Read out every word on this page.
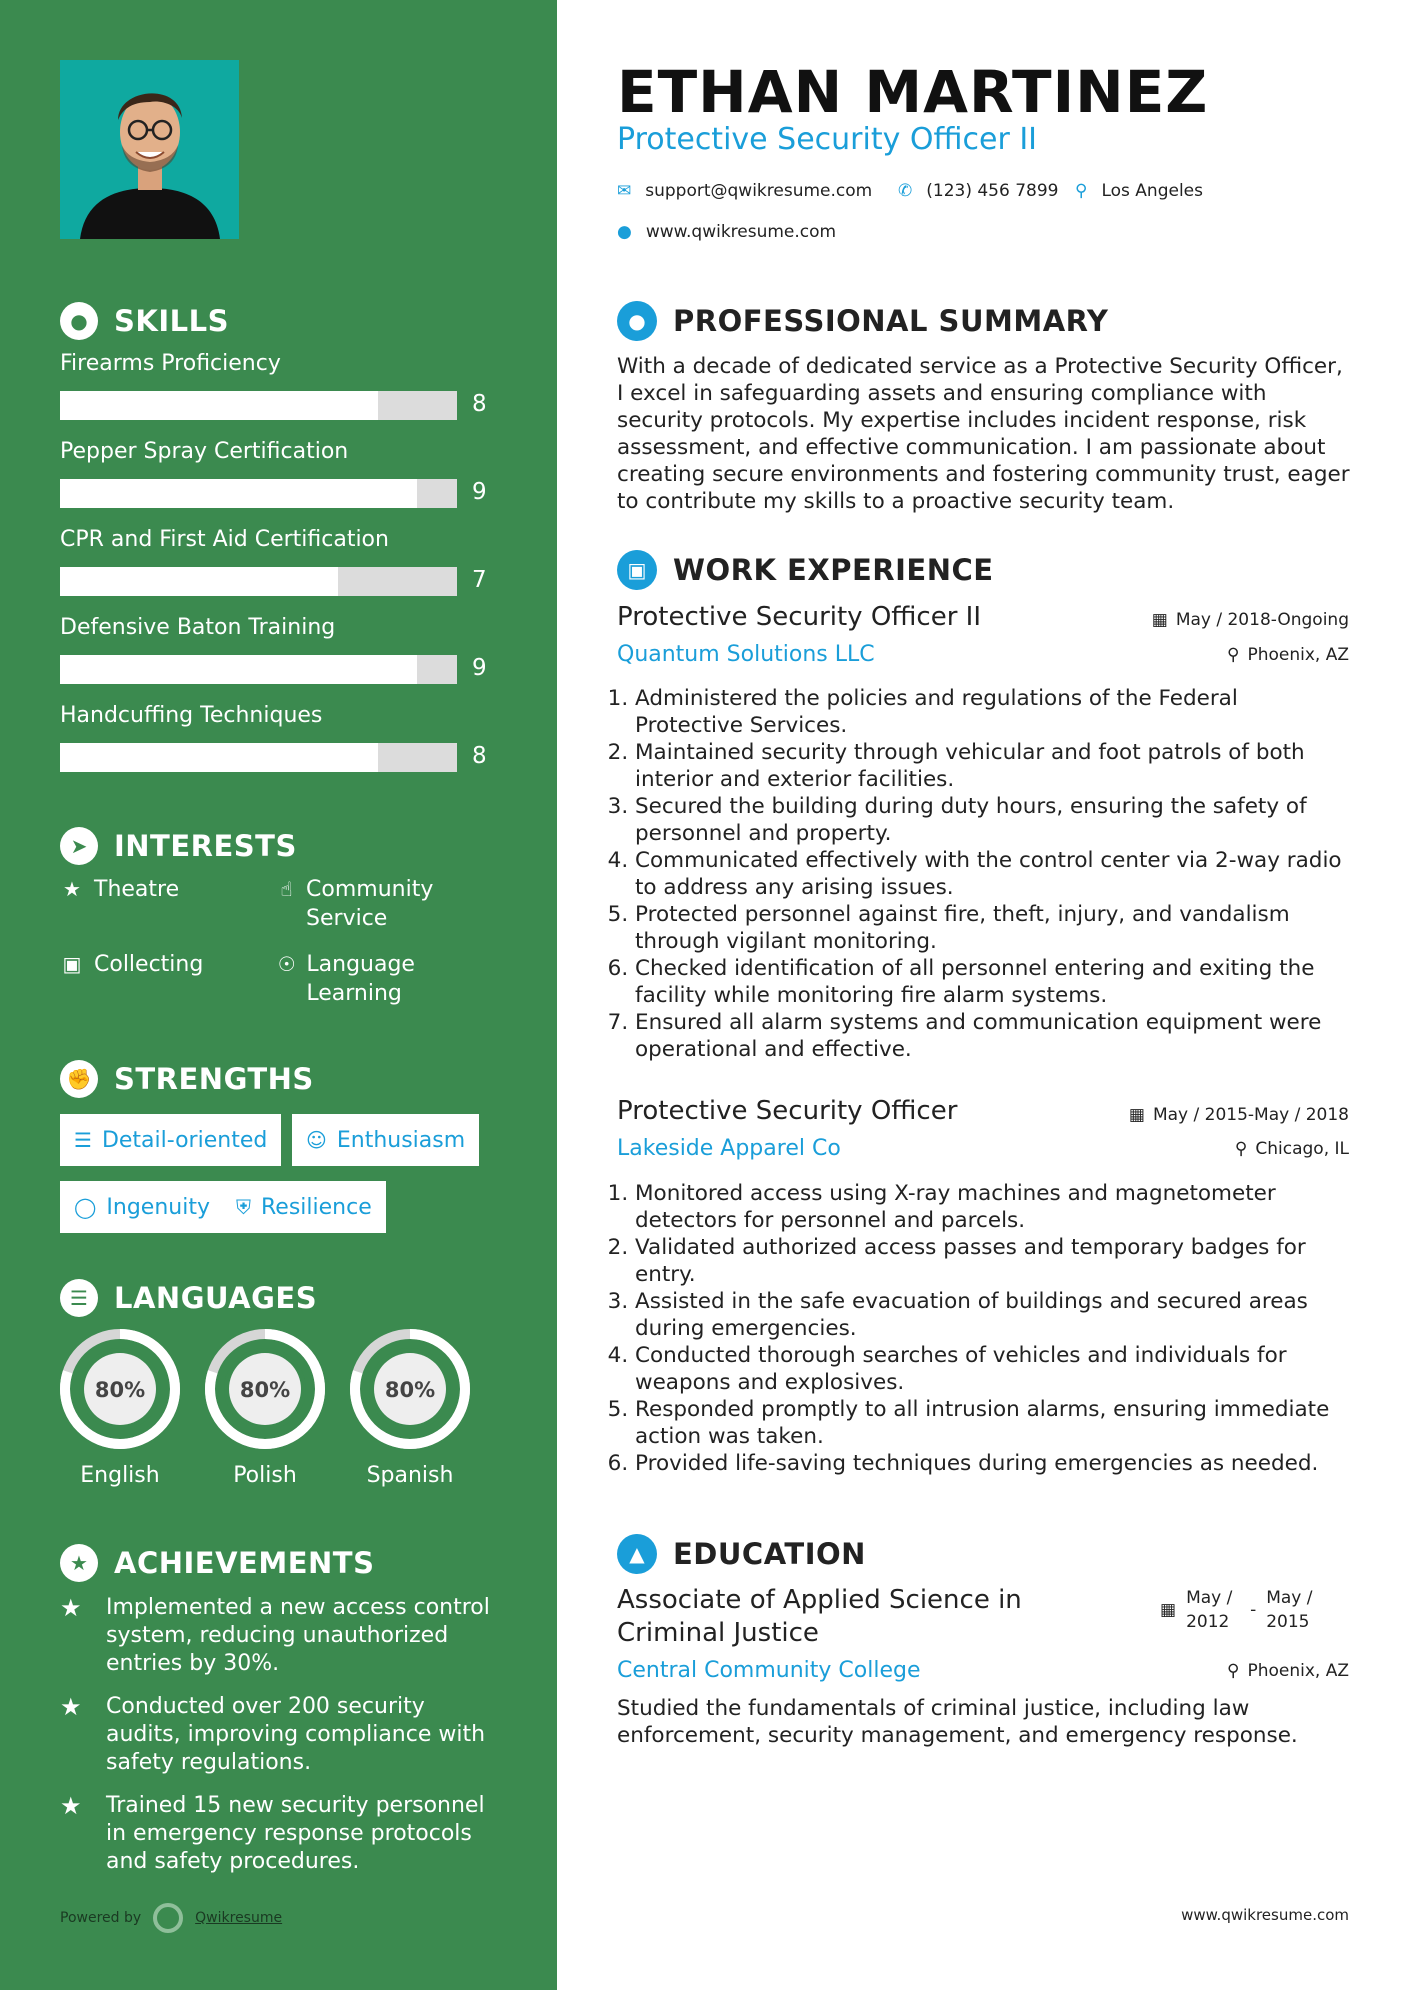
● SKILLS
Firearms Proficiency
8
Pepper Spray Certification
9
CPR and First Aid Certification
7
Defensive Baton Training
9
Handcuffing Techniques
8
➤ INTERESTS
★ Theatre	☝ Community Service
▣ Collecting	☉ Language Learning
✊ STRENGTHS
☰ Detail-oriented ☺ Enthusiasm
◯ Ingenuity ⛨ Resilience
☰ LANGUAGES
80%
English
80%
Polish
80%
Spanish
★ ACHIEVEMENTS
★	Implemented a new access control system, reducing unauthorized entries by 30%.
★	Conducted over 200 security audits, improving compliance with safety regulations.
★	Trained 15 new security personnel in emergency response protocols and safety procedures.
Powered by	Qwikresume
ETHAN MARTINEZ
Protective Security Officer II
✉ support@qwikresume.com ✆ (123) 456 7899 ⚲ Los Angeles
● www.qwikresume.com
● PROFESSIONAL SUMMARY
With a decade of dedicated service as a Protective Security Officer, I excel in safeguarding assets and ensuring compliance with security protocols. My expertise includes incident response, risk assessment, and effective communication. I am passionate about creating secure environments and fostering community trust, eager to contribute my skills to a proactive security team.
▣ WORK EXPERIENCE
Protective Security Officer II	▦ May / 2018-Ongoing
Quantum Solutions LLC	⚲ Phoenix, AZ
1. Administered the policies and regulations of the Federal Protective Services.
2. Maintained security through vehicular and foot patrols of both interior and exterior facilities.
3. Secured the building during duty hours, ensuring the safety of personnel and property.
4. Communicated effectively with the control center via 2-way radio to address any arising issues.
5. Protected personnel against fire, theft, injury, and vandalism through vigilant monitoring.
6. Checked identification of all personnel entering and exiting the facility while monitoring fire alarm systems.
7. Ensured all alarm systems and communication equipment were operational and effective.
Protective Security Officer	▦ May / 2015-May / 2018
Lakeside Apparel Co	⚲ Chicago, IL
1. Monitored access using X-ray machines and magnetometer detectors for personnel and parcels.
2. Validated authorized access passes and temporary badges for entry.
3. Assisted in the safe evacuation of buildings and secured areas during emergencies.
4. Conducted thorough searches of vehicles and individuals for weapons and explosives.
5. Responded promptly to all intrusion alarms, ensuring immediate action was taken.
6. Provided life-saving techniques during emergencies as needed.
▲ EDUCATION
Associate of Applied Science in Criminal Justice
▦
May / 2012
-
May / 2015
Central Community College	⚲ Phoenix, AZ
Studied the fundamentals of criminal justice, including law enforcement, security management, and emergency response.
www.qwikresume.com
